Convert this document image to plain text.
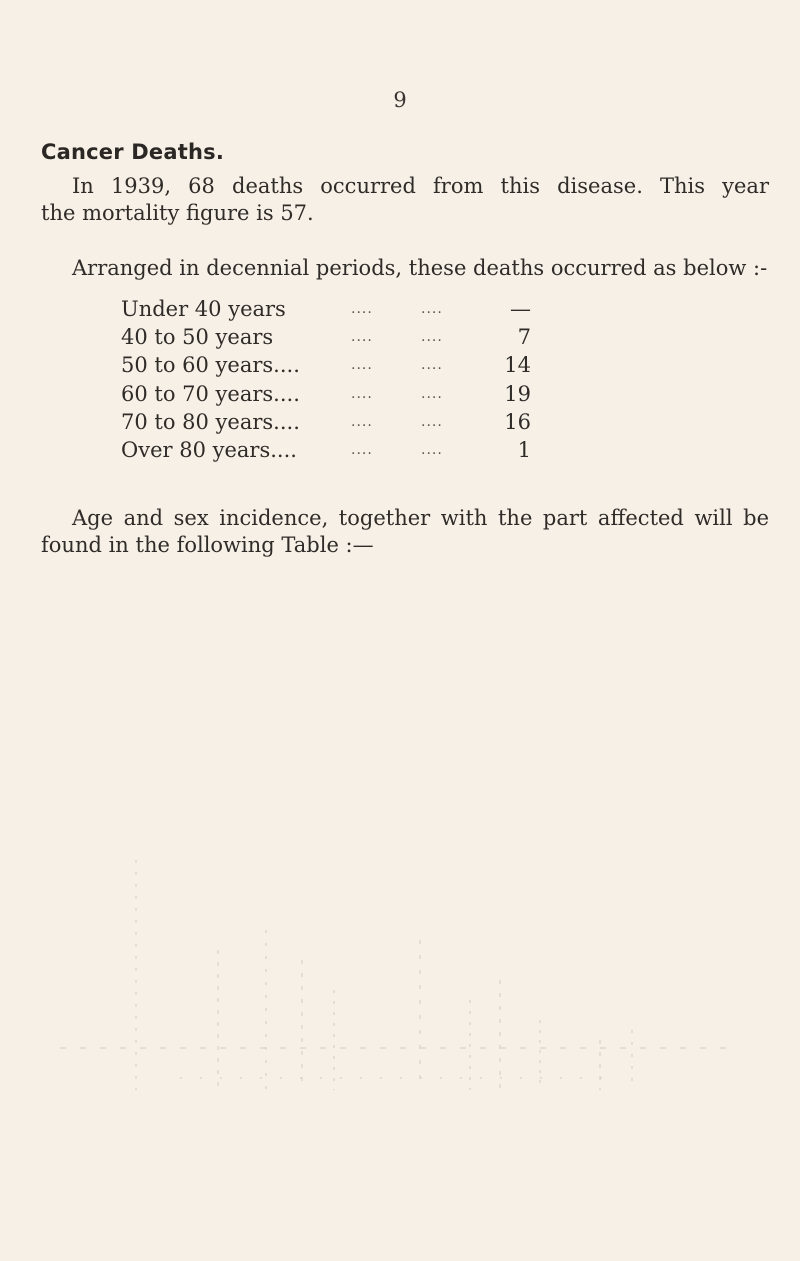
9
Cancer Deaths.
In 1939, 68 deaths occurred from this disease. This year
the mortality figure is 57.
Arranged in decennial periods, these deaths occurred as below :-
Under 40 years	....	....	—
40 to 50 years	....	....	7
50 to 60 years....	....	....	14
60 to 70 years....	....	....	19
70 to 80 years....	....	....	16
Over 80 years....	....	....	1
Age and sex incidence, together with the part affected will be
found in the following Table :—
